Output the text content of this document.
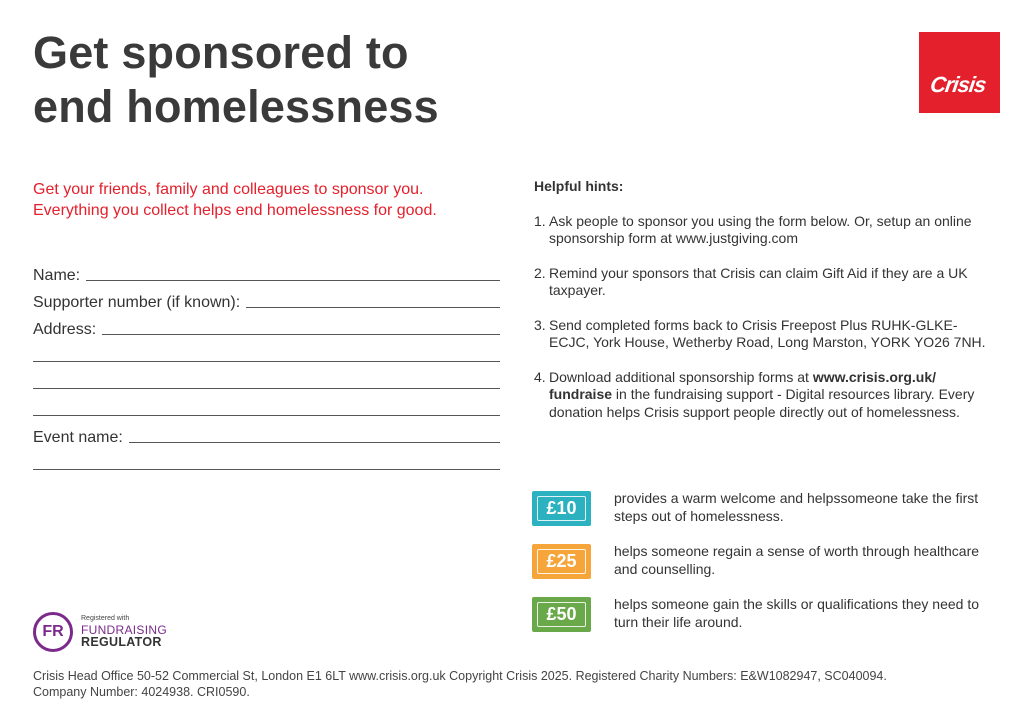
Get sponsored to
end homelessness	Crisis
Get your friends, family and colleagues to sponsor you.
Everything you collect helps end homelessness for good.
Name:
Supporter number (if known):
Address:
Event name:
Helpful hints:
1. Ask people to sponsor you using the form below. Or, setup an online sponsorship form at www.justgiving.com
2. Remind your sponsors that Crisis can claim Gift Aid if they are a UK taxpayer.
3. Send completed forms back to Crisis Freepost Plus RUHK-GLKE-ECJC, York House, Wetherby Road, Long Marston, YORK YO26 7NH.
4. Download additional sponsorship forms at www.crisis.org.uk/ fundraise in the fundraising support - Digital resources library. Every donation helps Crisis support people directly out of homelessness.
£10	provides a warm welcome and helpssomeone take the first steps out of homelessness.
£25	helps someone regain a sense of worth through healthcare and counselling.
£50	helps someone gain the skills or qualifications they need to turn their life around.
FR
Registered with
FUNDRAISING
REGULATOR
Crisis Head Office 50-52 Commercial St, London E1 6LT www.crisis.org.uk Copyright Crisis 2025. Registered Charity Numbers: E&W1082947, SC040094.
Company Number: 4024938. CRI0590.
